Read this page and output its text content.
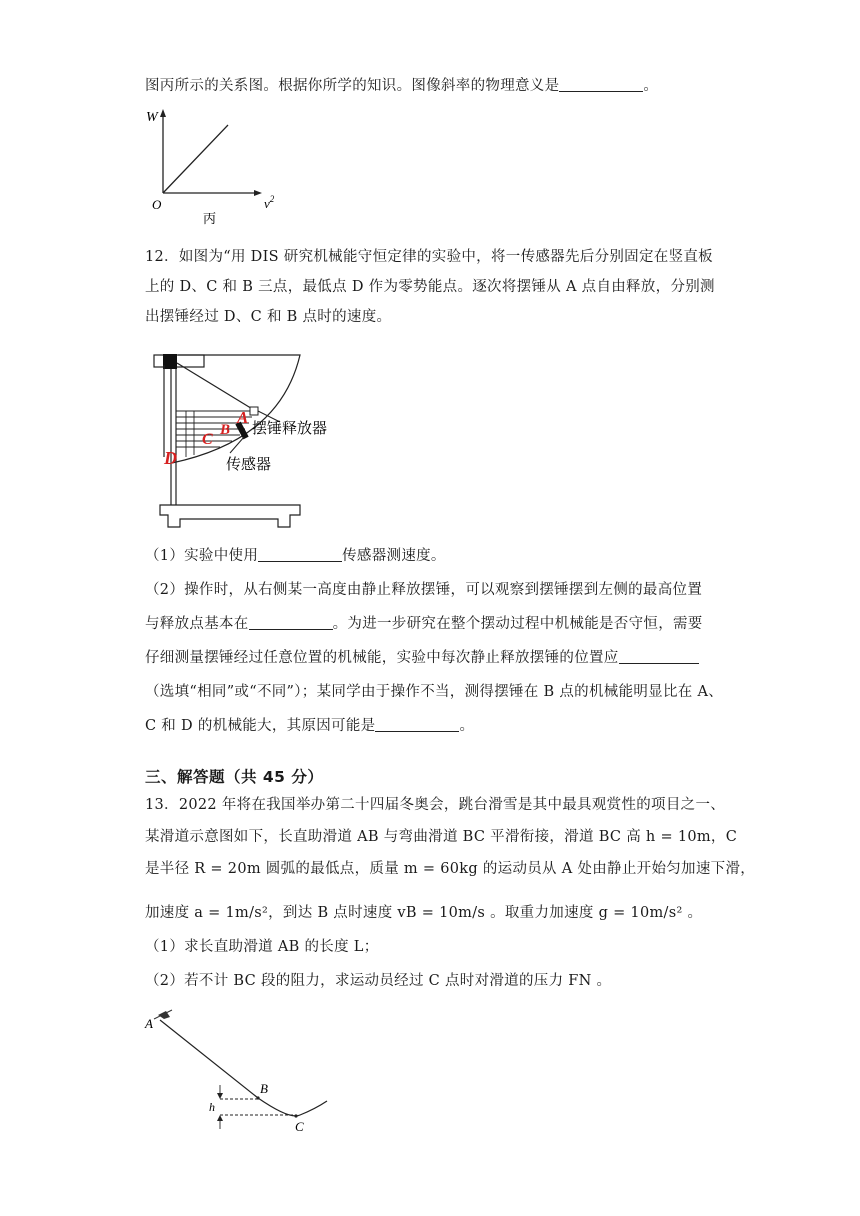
图丙所示的关系图。根据你所学的知识。图像斜率的物理意义是	。
W
$v^2$
O
丙
12．如图为“用 DIS 研究机械能守恒定律的实验中，将一传感器先后分别固定在竖直板
上的 D、C 和 B 三点，最低点 D 作为零势能点。逐次将摆锤从 A 点自由释放，分别测
出摆锤经过 D、C 和 B 点时的速度。
A
B
C
D
摆锤释放器
传感器
（1）实验中使用	传感器测速度。
（2）操作时，从右侧某一高度由静止释放摆锤，可以观察到摆锤摆到左侧的最高位置
与释放点基本在	。为进一步研究在整个摆动过程中机械能是否守恒，需要
仔细测量摆锤经过任意位置的机械能，实验中每次静止释放摆锤的位置应
（选填“相同”或“不同”）；某同学由于操作不当，测得摆锤在 B 点的机械能明显比在 A、
C 和 D 的机械能大，其原因可能是	。
三、解答题（共 45 分）
13．2022 年将在我国举办第二十四届冬奥会，跳台滑雪是其中最具观赏性的项目之一、
某滑道示意图如下，长直助滑道 AB 与弯曲滑道 BC 平滑衔接，滑道 BC 高 h = 10m，C
是半径 R = 20m 圆弧的最低点，质量 m = 60kg 的运动员从 A 处由静止开始匀加速下滑，
加速度 a = 1m/s²，到达 B 点时速度 vB = 10m/s 。取重力加速度 g = 10m/s² 。
（1）求长直助滑道 AB 的长度 L；
（2）若不计 BC 段的阻力，求运动员经过 C 点时对滑道的压力 FN 。
A
B
C
h
